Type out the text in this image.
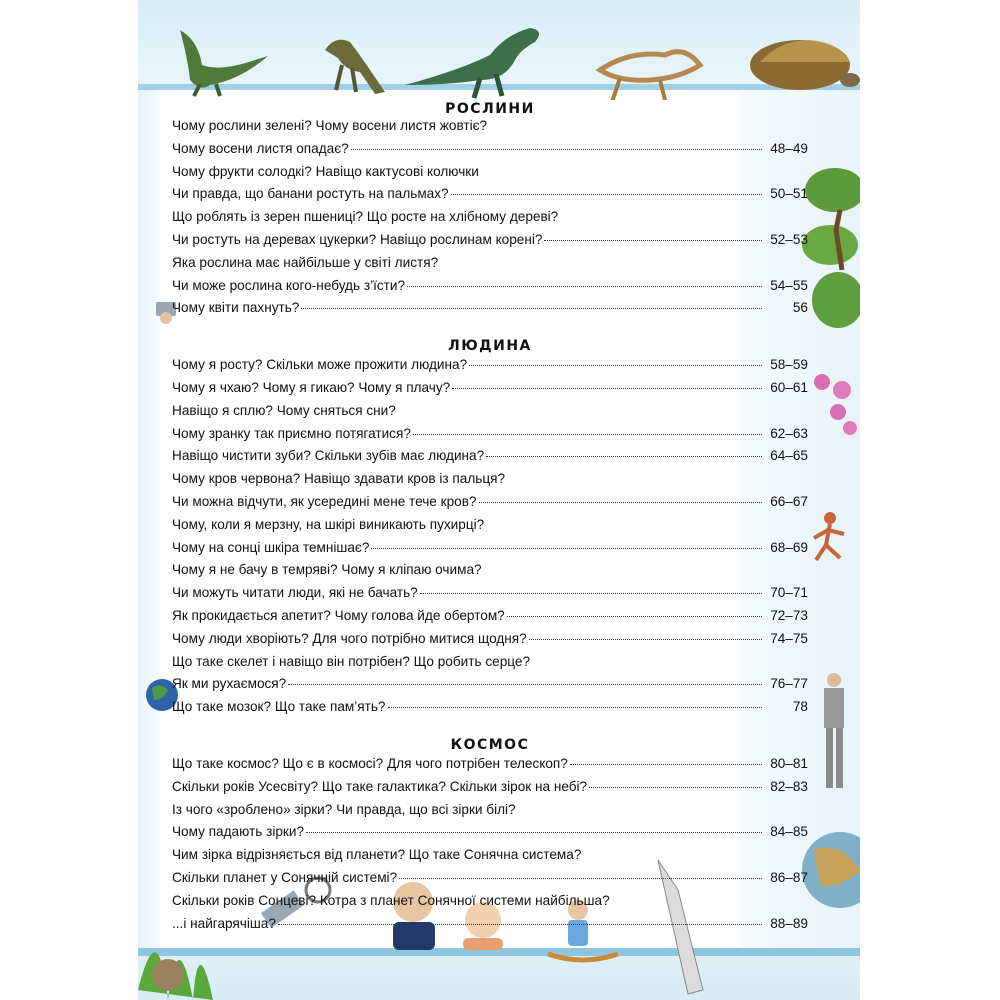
рослини
Чому рослини зелені? Чому восени листя жовтіє?
Чому восени листя опадає?	48–49
Чому фрукти солодкі? Навіщо кактусові колючки
Чи правда, що банани ростуть на пальмах?	50–51
Що роблять із зерен пшениці? Що росте на хлібному дереві?
Чи ростуть на деревах цукерки? Навіщо рослинам корені?	52–53
Яка рослина має найбільше у світі листя?
Чи може рослина кого-небудь з’їсти?	54–55
Чому квіти пахнуть?	56
людина
Чому я росту? Скільки може прожити людина?	58–59
Чому я чхаю? Чому я гикаю? Чому я плачу?	60–61
Навіщо я сплю? Чому сняться сни?
Чому зранку так приємно потягатися?	62–63
Навіщо чистити зуби? Скільки зубів має людина?	64–65
Чому кров червона? Навіщо здавати кров із пальця?
Чи можна відчути, як усередині мене тече кров?	66–67
Чому, коли я мерзну, на шкірі виникають пухирці?
Чому на сонці шкіра темнішає?	68–69
Чому я не бачу в темряві? Чому я кліпаю очима?
Чи можуть читати люди, які не бачать?	70–71
Як прокидається апетит? Чому голова йде обертом?	72–73
Чому люди хворіють? Для чого потрібно митися щодня?	74–75
Що таке скелет і навіщо він потрібен? Що робить серце?
Як ми рухаємося?	76–77
Що таке мозок? Що таке пам’ять?	78
космос
Що таке космос? Що є в космосі? Для чого потрібен телескоп?	80–81
Скільки років Усесвіту? Що таке галактика? Скільки зірок на небі?	82–83
Із чого «зроблено» зірки? Чи правда, що всі зірки білі?
Чому падають зірки?	84–85
Чим зірка відрізняється від планети? Що таке Сонячна система?
Скільки планет у Сонячній системі?	86–87
Скільки років Сонцеві? Котра з планет Сонячної системи найбільша?
...і найгарячіша?	88–89
